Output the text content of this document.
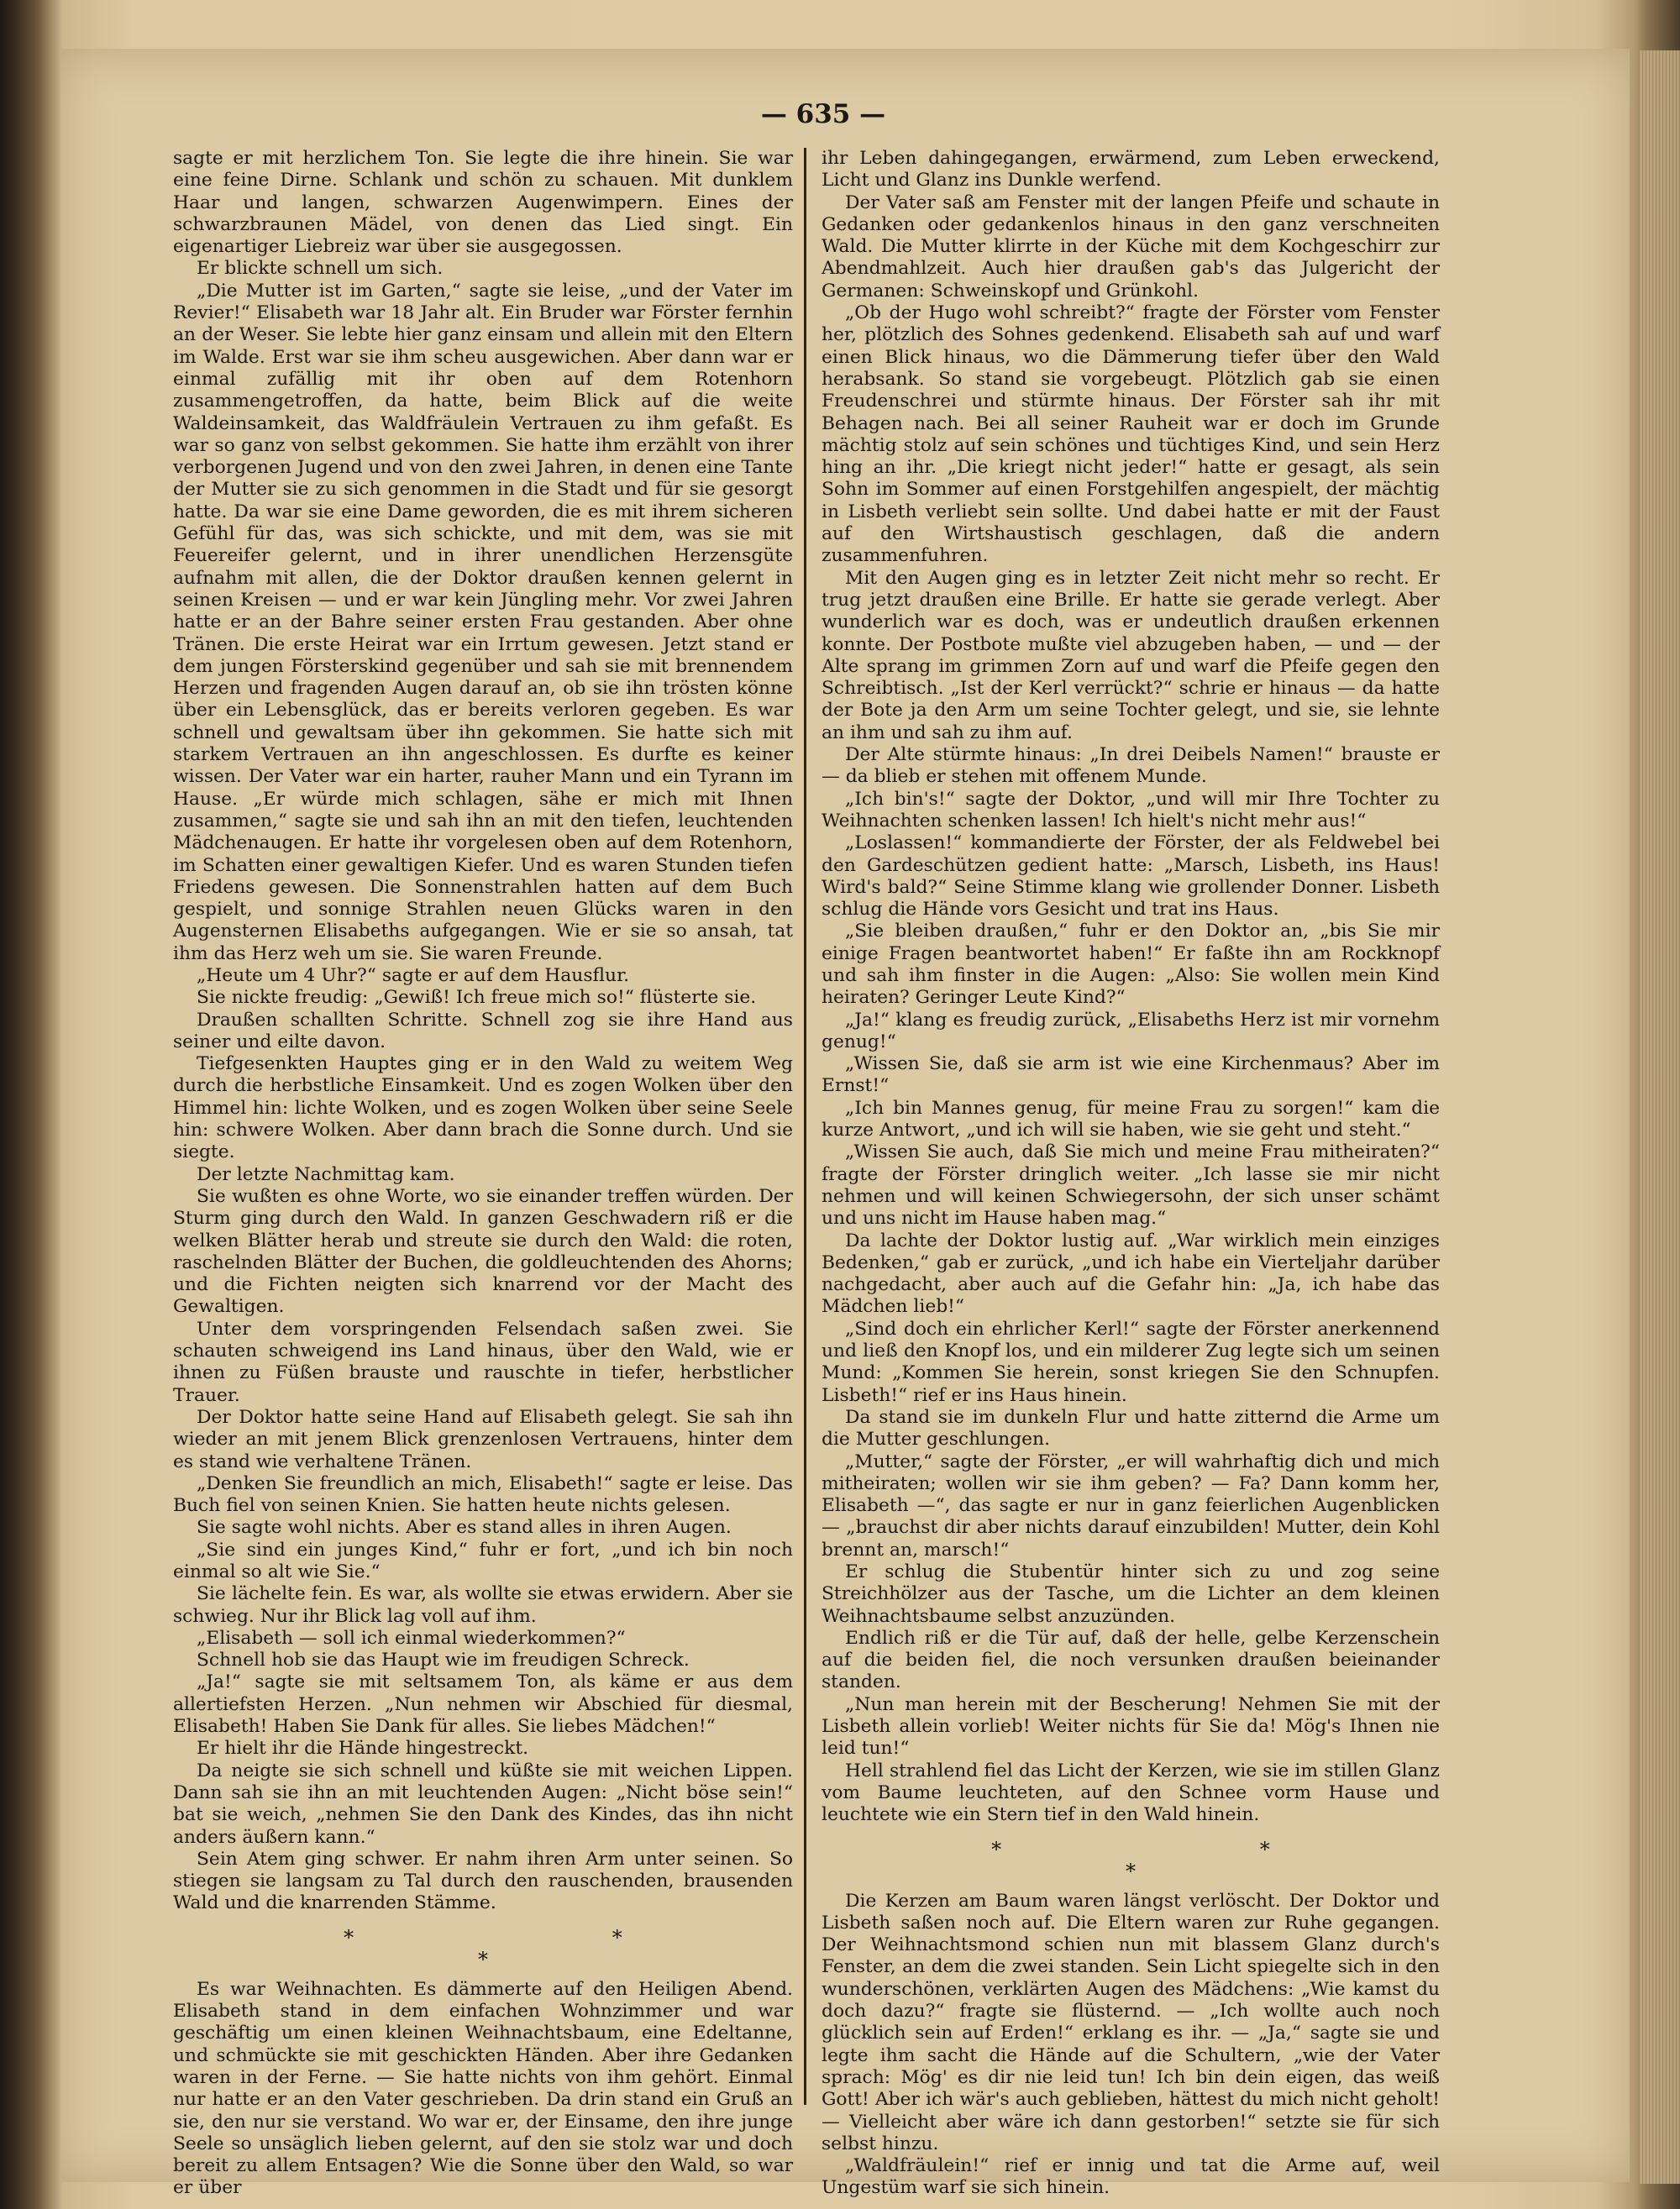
— 635 —

sagte er mit herzlichem Ton. Sie legte die ihre hinein. Sie war eine feine Dirne. Schlank und schön zu schauen. Mit dunklem Haar und langen, schwarzen Augenwimpern. Eines der schwarzbraunen Mädel, von denen das Lied singt. Ein eigenartiger Liebreiz war über sie ausgegossen.

Er blickte schnell um sich.

„Die Mutter ist im Garten,“ sagte sie leise, „und der Vater im Revier!“ Elisabeth war 18 Jahr alt. Ein Bruder war Förster fernhin an der Weser. Sie lebte hier ganz einsam und allein mit den Eltern im Walde. Erst war sie ihm scheu ausgewichen. Aber dann war er einmal zufällig mit ihr oben auf dem Rotenhorn zusammengetroffen, da hatte, beim Blick auf die weite Waldeinsamkeit, das Waldfräulein Vertrauen zu ihm gefaßt. Es war so ganz von selbst gekommen. Sie hatte ihm erzählt von ihrer verborgenen Jugend und von den zwei Jahren, in denen eine Tante der Mutter sie zu sich genommen in die Stadt und für sie gesorgt hatte. Da war sie eine Dame geworden, die es mit ihrem sicheren Gefühl für das, was sich schickte, und mit dem, was sie mit Feuereifer gelernt, und in ihrer unendlichen Herzensgüte aufnahm mit allen, die der Doktor draußen kennen gelernt in seinen Kreisen — und er war kein Jüngling mehr. Vor zwei Jahren hatte er an der Bahre seiner ersten Frau gestanden. Aber ohne Tränen. Die erste Heirat war ein Irrtum gewesen. Jetzt stand er dem jungen Försterskind gegenüber und sah sie mit brennendem Herzen und fragenden Augen darauf an, ob sie ihn trösten könne über ein Lebensglück, das er bereits verloren gegeben. Es war schnell und gewaltsam über ihn gekommen. Sie hatte sich mit starkem Vertrauen an ihn angeschlossen. Es durfte es keiner wissen. Der Vater war ein harter, rauher Mann und ein Tyrann im Hause. „Er würde mich schlagen, sähe er mich mit Ihnen zusammen,“ sagte sie und sah ihn an mit den tiefen, leuchtenden Mädchenaugen. Er hatte ihr vorgelesen oben auf dem Rotenhorn, im Schatten einer gewaltigen Kiefer. Und es waren Stunden tiefen Friedens gewesen. Die Sonnenstrahlen hatten auf dem Buch gespielt, und sonnige Strahlen neuen Glücks waren in den Augensternen Elisabeths aufgegangen. Wie er sie so ansah, tat ihm das Herz weh um sie. Sie waren Freunde.

„Heute um 4 Uhr?“ sagte er auf dem Hausflur.

Sie nickte freudig: „Gewiß! Ich freue mich so!“ flüsterte sie.

Draußen schallten Schritte. Schnell zog sie ihre Hand aus seiner und eilte davon.

Tiefgesenkten Hauptes ging er in den Wald zu weitem Weg durch die herbstliche Einsamkeit. Und es zogen Wolken über den Himmel hin: lichte Wolken, und es zogen Wolken über seine Seele hin: schwere Wolken. Aber dann brach die Sonne durch. Und sie siegte.

Der letzte Nachmittag kam.

Sie wußten es ohne Worte, wo sie einander treffen würden. Der Sturm ging durch den Wald. In ganzen Geschwadern riß er die welken Blätter herab und streute sie durch den Wald: die roten, raschelnden Blätter der Buchen, die goldleuchtenden des Ahorns; und die Fichten neigten sich knarrend vor der Macht des Gewaltigen.

Unter dem vorspringenden Felsendach saßen zwei. Sie schauten schweigend ins Land hinaus, über den Wald, wie er ihnen zu Füßen brauste und rauschte in tiefer, herbstlicher Trauer.

Der Doktor hatte seine Hand auf Elisabeth gelegt. Sie sah ihn wieder an mit jenem Blick grenzenlosen Vertrauens, hinter dem es stand wie verhaltene Tränen.

„Denken Sie freundlich an mich, Elisabeth!“ sagte er leise. Das Buch fiel von seinen Knien. Sie hatten heute nichts gelesen.

Sie sagte wohl nichts. Aber es stand alles in ihren Augen.

„Sie sind ein junges Kind,“ fuhr er fort, „und ich bin noch einmal so alt wie Sie.“

Sie lächelte fein. Es war, als wollte sie etwas erwidern. Aber sie schwieg. Nur ihr Blick lag voll auf ihm.

„Elisabeth — soll ich einmal wiederkommen?“

Schnell hob sie das Haupt wie im freudigen Schreck.

„Ja!“ sagte sie mit seltsamem Ton, als käme er aus dem allertiefsten Herzen. „Nun nehmen wir Abschied für diesmal, Elisabeth! Haben Sie Dank für alles. Sie liebes Mädchen!“

Er hielt ihr die Hände hingestreckt.

Da neigte sie sich schnell und küßte sie mit weichen Lippen. Dann sah sie ihn an mit leuchtenden Augen: „Nicht böse sein!“ bat sie weich, „nehmen Sie den Dank des Kindes, das ihn nicht anders äußern kann.“

Sein Atem ging schwer. Er nahm ihren Arm unter seinen. So stiegen sie langsam zu Tal durch den rauschenden, brausenden Wald und die knarrenden Stämme.

* *
*

Es war Weihnachten. Es dämmerte auf den Heiligen Abend. Elisabeth stand in dem einfachen Wohnzimmer und war geschäftig um einen kleinen Weihnachtsbaum, eine Edeltanne, und schmückte sie mit geschickten Händen. Aber ihre Gedanken waren in der Ferne. — Sie hatte nichts von ihm gehört. Einmal nur hatte er an den Vater geschrieben. Da drin stand ein Gruß an sie, den nur sie verstand. Wo war er, der Einsame, den ihre junge Seele so unsäglich lieben gelernt, auf den sie stolz war und doch bereit zu allem Entsagen? Wie die Sonne über den Wald, so war er über

ihr Leben dahingegangen, erwärmend, zum Leben erweckend, Licht und Glanz ins Dunkle werfend.

Der Vater saß am Fenster mit der langen Pfeife und schaute in Gedanken oder gedankenlos hinaus in den ganz verschneiten Wald. Die Mutter klirrte in der Küche mit dem Kochgeschirr zur Abendmahlzeit. Auch hier draußen gab's das Julgericht der Germanen: Schweinskopf und Grünkohl.

„Ob der Hugo wohl schreibt?“ fragte der Förster vom Fenster her, plötzlich des Sohnes gedenkend. Elisabeth sah auf und warf einen Blick hinaus, wo die Dämmerung tiefer über den Wald herabsank. So stand sie vorgebeugt. Plötzlich gab sie einen Freudenschrei und stürmte hinaus. Der Förster sah ihr mit Behagen nach. Bei all seiner Rauheit war er doch im Grunde mächtig stolz auf sein schönes und tüchtiges Kind, und sein Herz hing an ihr. „Die kriegt nicht jeder!“ hatte er gesagt, als sein Sohn im Sommer auf einen Forstgehilfen angespielt, der mächtig in Lisbeth verliebt sein sollte. Und dabei hatte er mit der Faust auf den Wirtshaustisch geschlagen, daß die andern zusammenfuhren.

Mit den Augen ging es in letzter Zeit nicht mehr so recht. Er trug jetzt draußen eine Brille. Er hatte sie gerade verlegt. Aber wunderlich war es doch, was er undeutlich draußen erkennen konnte. Der Postbote mußte viel abzugeben haben, — und — der Alte sprang im grimmen Zorn auf und warf die Pfeife gegen den Schreibtisch. „Ist der Kerl verrückt?“ schrie er hinaus — da hatte der Bote ja den Arm um seine Tochter gelegt, und sie, sie lehnte an ihm und sah zu ihm auf.

Der Alte stürmte hinaus: „In drei Deibels Namen!“ brauste er — da blieb er stehen mit offenem Munde.

„Ich bin's!“ sagte der Doktor, „und will mir Ihre Tochter zu Weihnachten schenken lassen! Ich hielt's nicht mehr aus!“

„Loslassen!“ kommandierte der Förster, der als Feldwebel bei den Gardeschützen gedient hatte: „Marsch, Lisbeth, ins Haus! Wird's bald?“ Seine Stimme klang wie grollender Donner. Lisbeth schlug die Hände vors Gesicht und trat ins Haus.

„Sie bleiben draußen,“ fuhr er den Doktor an, „bis Sie mir einige Fragen beantwortet haben!“ Er faßte ihn am Rockknopf und sah ihm finster in die Augen: „Also: Sie wollen mein Kind heiraten? Geringer Leute Kind?“

„Ja!“ klang es freudig zurück, „Elisabeths Herz ist mir vornehm genug!“

„Wissen Sie, daß sie arm ist wie eine Kirchenmaus? Aber im Ernst!“

„Ich bin Mannes genug, für meine Frau zu sorgen!“ kam die kurze Antwort, „und ich will sie haben, wie sie geht und steht.“

„Wissen Sie auch, daß Sie mich und meine Frau mitheiraten?“ fragte der Förster dringlich weiter. „Ich lasse sie mir nicht nehmen und will keinen Schwiegersohn, der sich unser schämt und uns nicht im Hause haben mag.“

Da lachte der Doktor lustig auf. „War wirklich mein einziges Bedenken,“ gab er zurück, „und ich habe ein Vierteljahr darüber nachgedacht, aber auch auf die Gefahr hin: „Ja, ich habe das Mädchen lieb!“

„Sind doch ein ehrlicher Kerl!“ sagte der Förster anerkennend und ließ den Knopf los, und ein milderer Zug legte sich um seinen Mund: „Kommen Sie herein, sonst kriegen Sie den Schnupfen. Lisbeth!“ rief er ins Haus hinein.

Da stand sie im dunkeln Flur und hatte zitternd die Arme um die Mutter geschlungen.

„Mutter,“ sagte der Förster, „er will wahrhaftig dich und mich mitheiraten; wollen wir sie ihm geben? — Fa? Dann komm her, Elisabeth —“, das sagte er nur in ganz feierlichen Augenblicken — „brauchst dir aber nichts darauf einzubilden! Mutter, dein Kohl brennt an, marsch!“

Er schlug die Stubentür hinter sich zu und zog seine Streichhölzer aus der Tasche, um die Lichter an dem kleinen Weihnachtsbaume selbst anzuzünden.

Endlich riß er die Tür auf, daß der helle, gelbe Kerzenschein auf die beiden fiel, die noch versunken draußen beieinander standen.

„Nun man herein mit der Bescherung! Nehmen Sie mit der Lisbeth allein vorlieb! Weiter nichts für Sie da! Mög's Ihnen nie leid tun!“

Hell strahlend fiel das Licht der Kerzen, wie sie im stillen Glanz vom Baume leuchteten, auf den Schnee vorm Hause und leuchtete wie ein Stern tief in den Wald hinein.

* *
*

Die Kerzen am Baum waren längst verlöscht. Der Doktor und Lisbeth saßen noch auf. Die Eltern waren zur Ruhe gegangen. Der Weihnachtsmond schien nun mit blassem Glanz durch's Fenster, an dem die zwei standen. Sein Licht spiegelte sich in den wunderschönen, verklärten Augen des Mädchens: „Wie kamst du doch dazu?“ fragte sie flüsternd. — „Ich wollte auch noch glücklich sein auf Erden!“ erklang es ihr. — „Ja,“ sagte sie und legte ihm sacht die Hände auf die Schultern, „wie der Vater sprach: Mög' es dir nie leid tun! Ich bin dein eigen, das weiß Gott! Aber ich wär's auch geblieben, hättest du mich nicht geholt! — Vielleicht aber wäre ich dann gestorben!“ setzte sie für sich selbst hinzu.

„Waldfräulein!“ rief er innig und tat die Arme auf, weil Ungestüm warf sie sich hinein.
